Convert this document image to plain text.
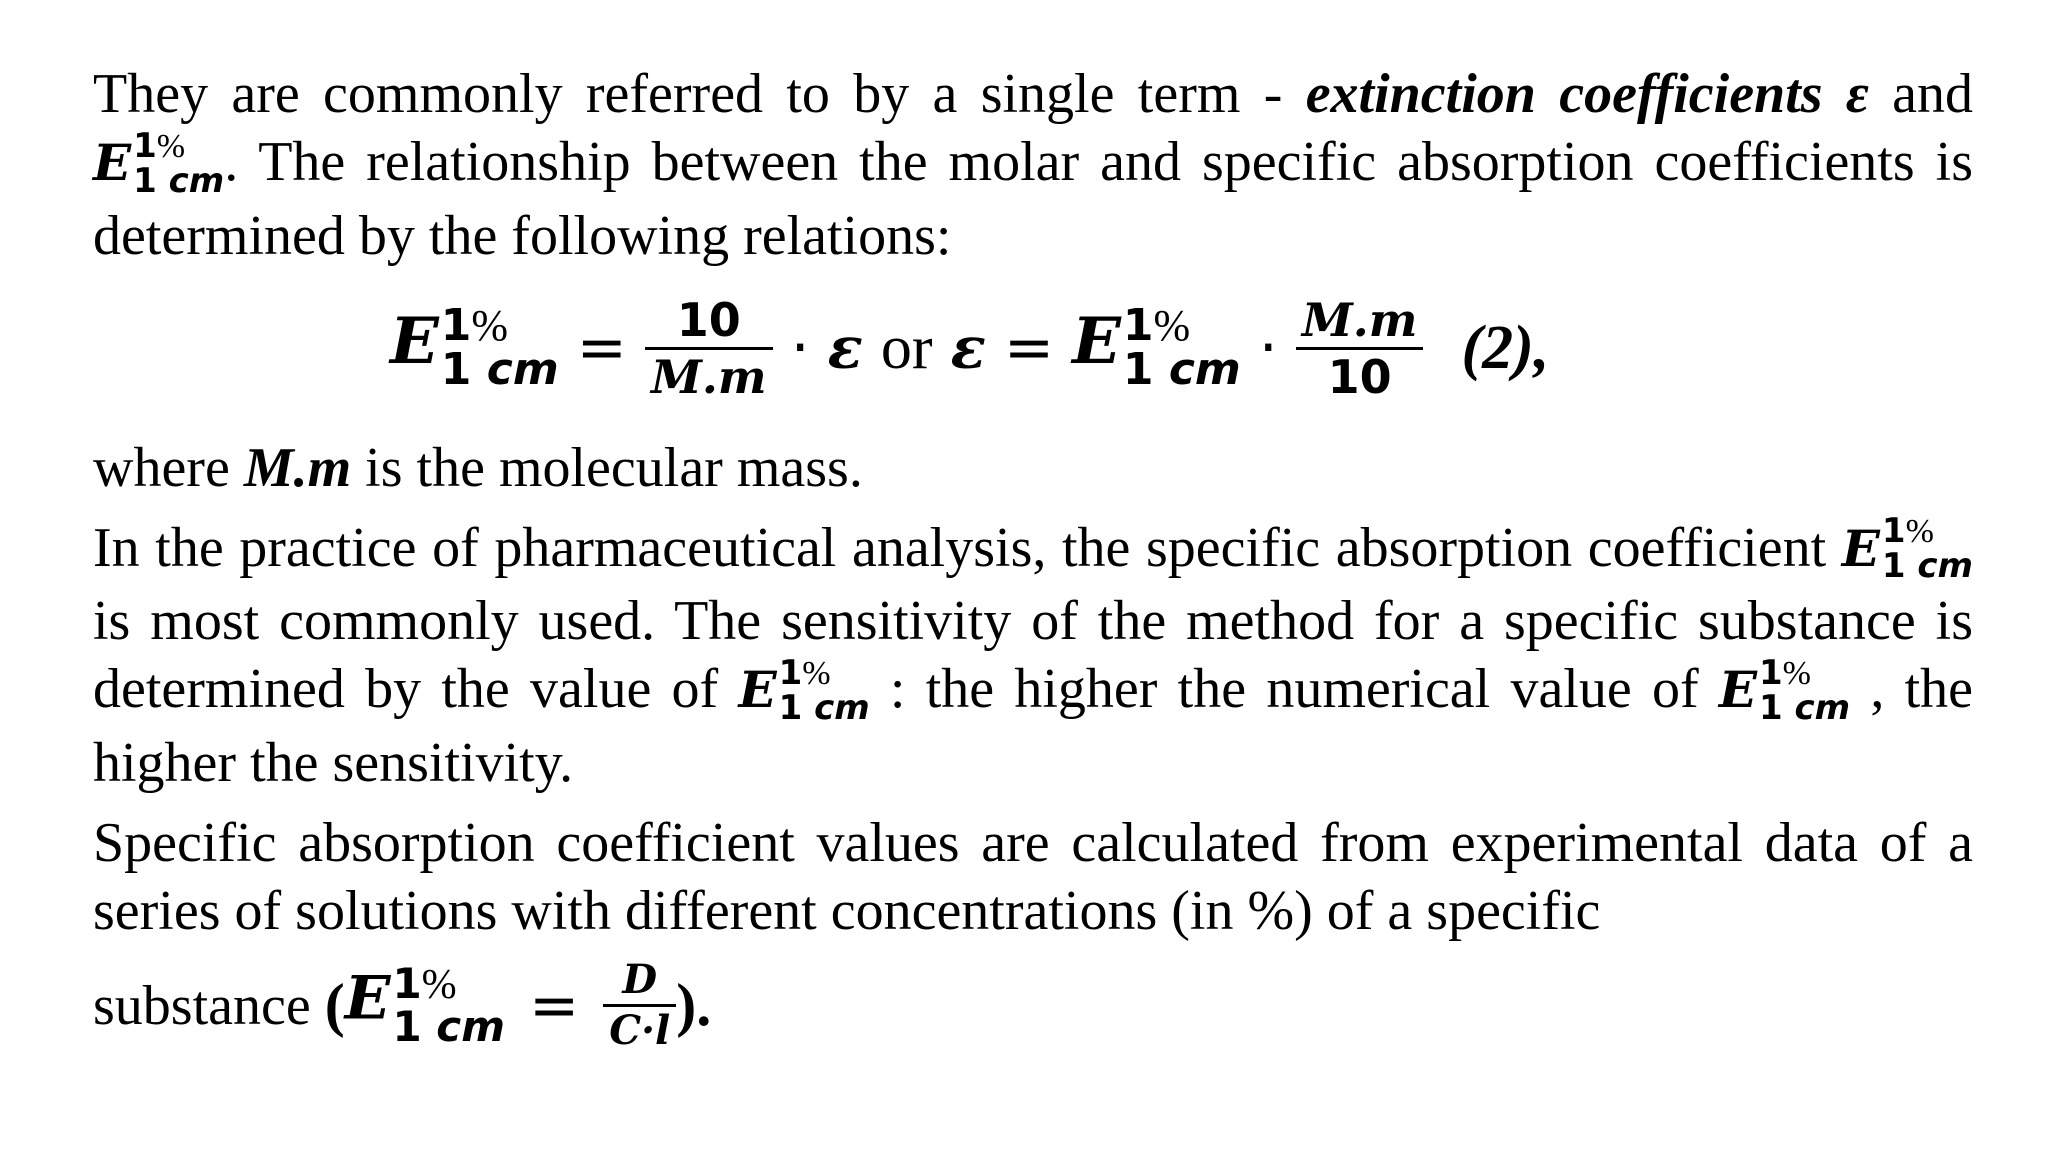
They are commonly referred to by a single term - extinction coefficients ε and E 1%
1 cm . The relationship between the molar and specific absorption coefficients is determined by the following relations:

where M.m is the molecular mass.

In the practice of pharmaceutical analysis, the specific absorption coefficient E 1%
1 cm
is most commonly used. The sensitivity of the method for a specific substance is determined by the value of E 1%
1 cm : the higher the numerical value of E 1%
1 cm , the higher the sensitivity.

Specific absorption coefficient values are calculated from experimental data of a series of solutions with different concentrations (in %) of a specific

substance ( E 1%
1 cm = $\frac{D}{C\cdot l}$ ).
E 1%
1 cm = $\frac{10}{M.m} \cdot \varepsilon$ or ε = E 1%
1 cm · $\frac{M.m}{10} (2)$,
